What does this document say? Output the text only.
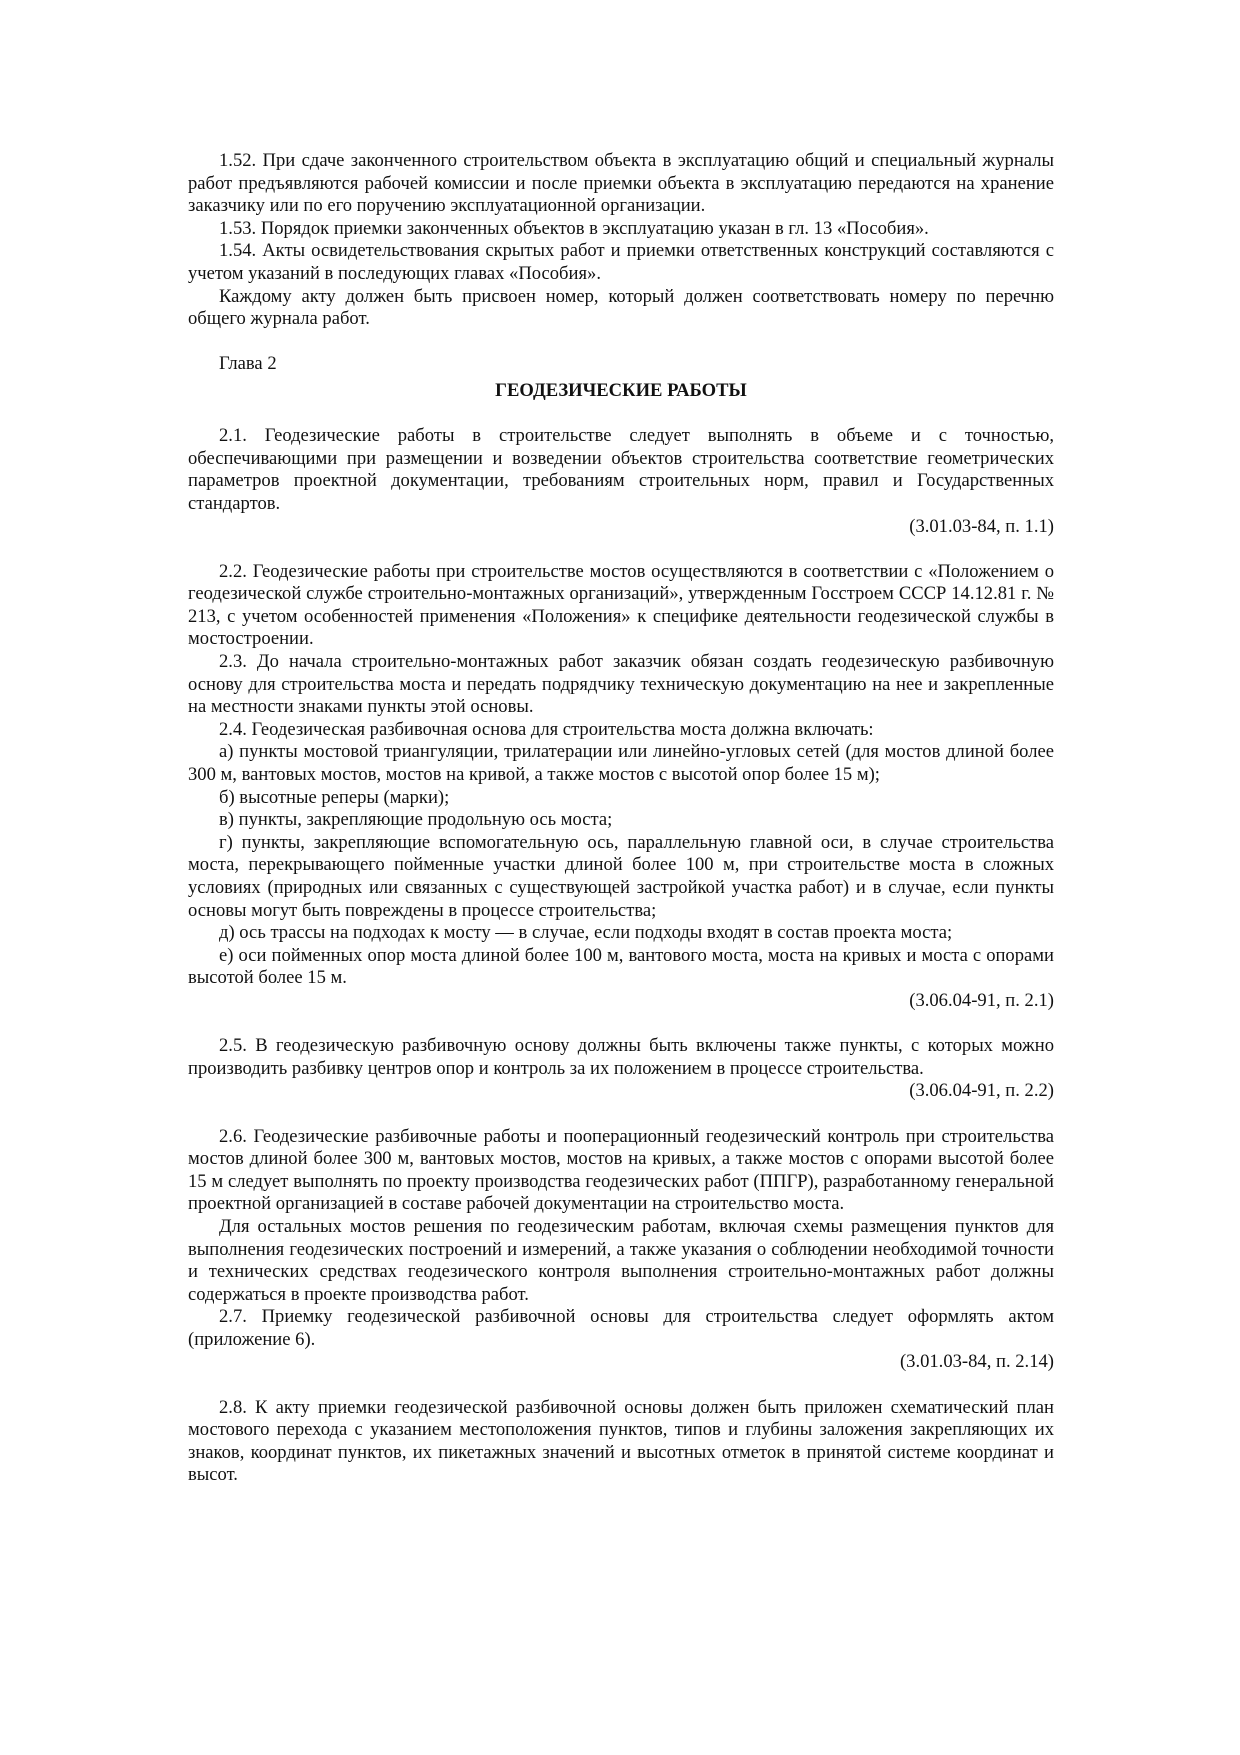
1.52. При сдаче законченного строительством объекта в эксплуатацию общий и специальный журналы работ предъявляются рабочей комиссии и после приемки объекта в эксплуатацию передаются на хранение заказчику или по его поручению эксплуатационной организации.

1.53. Порядок приемки законченных объектов в эксплуатацию указан в гл. 13 «Пособия».

1.54. Акты освидетельствования скрытых работ и приемки ответственных конструкций составляются с учетом указаний в последующих главах «Пособия».

Каждому акту должен быть присвоен номер, который должен соответствовать номеру по перечню общего журнала работ.

Глава 2

ГЕОДЕЗИЧЕСКИЕ РАБОТЫ

2.1. Геодезические работы в строительстве следует выполнять в объеме и с точностью, обеспечивающими при размещении и возведении объектов строительства соответствие геометрических параметров проектной документации, требованиям строительных норм, правил и Государственных стандартов.

(3.01.03-84, п. 1.1)

2.2. Геодезические работы при строительстве мостов осуществляются в соответствии с «Положением о геодезической службе строительно-монтажных организаций», утвержденным Госстроем СССР 14.12.81 г. № 213, с учетом особенностей применения «Положения» к специфике деятельности геодезической службы в мостостроении.

2.3. До начала строительно-монтажных работ заказчик обязан создать геодезическую разбивочную основу для строительства моста и передать подрядчику техническую документацию на нее и закрепленные на местности знаками пункты этой основы.

2.4. Геодезическая разбивочная основа для строительства моста должна включать:

а) пункты мостовой триангуляции, трилатерации или линейно-угловых сетей (для мостов длиной более 300 м, вантовых мостов, мостов на кривой, а также мостов с высотой опор более 15 м);

б) высотные реперы (марки);

в) пункты, закрепляющие продольную ось моста;

г) пункты, закрепляющие вспомогательную ось, параллельную главной оси, в случае строительства моста, перекрывающего пойменные участки длиной более 100 м, при строительстве моста в сложных условиях (природных или связанных с существующей застройкой участка работ) и в случае, если пункты основы могут быть повреждены в процессе строительства;

д) ось трассы на подходах к мосту — в случае, если подходы входят в состав проекта моста;

е) оси пойменных опор моста длиной более 100 м, вантового моста, моста на кривых и моста с опорами высотой более 15 м.

(3.06.04-91, п. 2.1)

2.5. В геодезическую разбивочную основу должны быть включены также пункты, с которых можно производить разбивку центров опор и контроль за их положением в процессе строительства.

(3.06.04-91, п. 2.2)

2.6. Геодезические разбивочные работы и пооперационный геодезический контроль при строительства мостов длиной более 300 м, вантовых мостов, мостов на кривых, а также мостов с опорами высотой более 15 м следует выполнять по проекту производства геодезических работ (ППГР), разработанному генеральной проектной организацией в составе рабочей документации на строительство моста.

Для остальных мостов решения по геодезическим работам, включая схемы размещения пунктов для выполнения геодезических построений и измерений, а также указания о соблюдении необходимой точности и технических средствах геодезического контроля выполнения строительно-монтажных работ должны содержаться в проекте производства работ.

2.7. Приемку геодезической разбивочной основы для строительства следует оформлять актом (приложение 6).

(3.01.03-84, п. 2.14)

2.8. К акту приемки геодезической разбивочной основы должен быть приложен схематический план мостового перехода с указанием местоположения пунктов, типов и глубины заложения закрепляющих их знаков, координат пунктов, их пикетажных значений и высотных отметок в принятой системе координат и высот.
